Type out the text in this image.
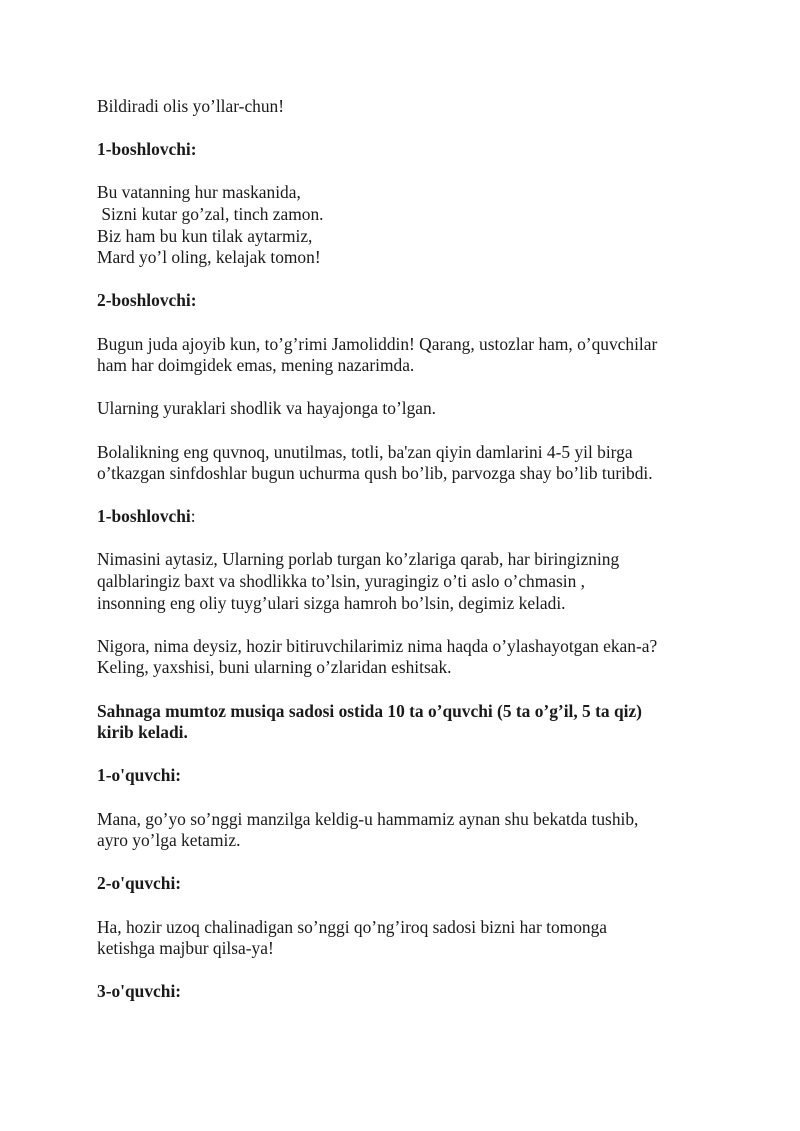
Bildiradi olis yo’llar-chun!

1-boshlovchi:

Bu vatanning hur maskanida,

Sizni kutar go’zal, tinch zamon.

Biz ham bu kun tilak aytarmiz,

Mard yo’l oling, kelajak tomon!

2-boshlovchi:

Bugun juda ajoyib kun, to’g’rimi Jamoliddin! Qarang, ustozlar ham, o’quvchilar

ham har doimgidek emas, mening nazarimda.

Ularning yuraklari shodlik va hayajonga to’lgan.

Bolalikning eng quvnoq, unutilmas, totli, ba'zan qiyin damlarini 4-5 yil birga

o’tkazgan sinfdoshlar bugun uchurma qush bo’lib, parvozga shay bo’lib turibdi.

1-boshlovchi:

Nimasini aytasiz, Ularning porlab turgan ko’zlariga qarab, har biringizning

qalblaringiz baxt va shodlikka to’lsin, yuragingiz o’ti aslo o’chmasin ,

insonning eng oliy tuyg’ulari sizga hamroh bo’lsin, degimiz keladi.

Nigora, nima deysiz, hozir bitiruvchilarimiz nima haqda o’ylashayotgan ekan-a?

Keling, yaxshisi, buni ularning o’zlaridan eshitsak.

Sahnaga mumtoz musiqa sadosi ostida 10 ta o’quvchi (5 ta o’g’il, 5 ta qiz)

kirib keladi.

1-o'quvchi:

Mana, go’yo so’nggi manzilga keldig-u hammamiz aynan shu bekatda tushib,

ayro yo’lga ketamiz.

2-o'quvchi:

Ha, hozir uzoq chalinadigan so’nggi qo’ng’iroq sadosi bizni har tomonga

ketishga majbur qilsa-ya!

3-o'quvchi:
